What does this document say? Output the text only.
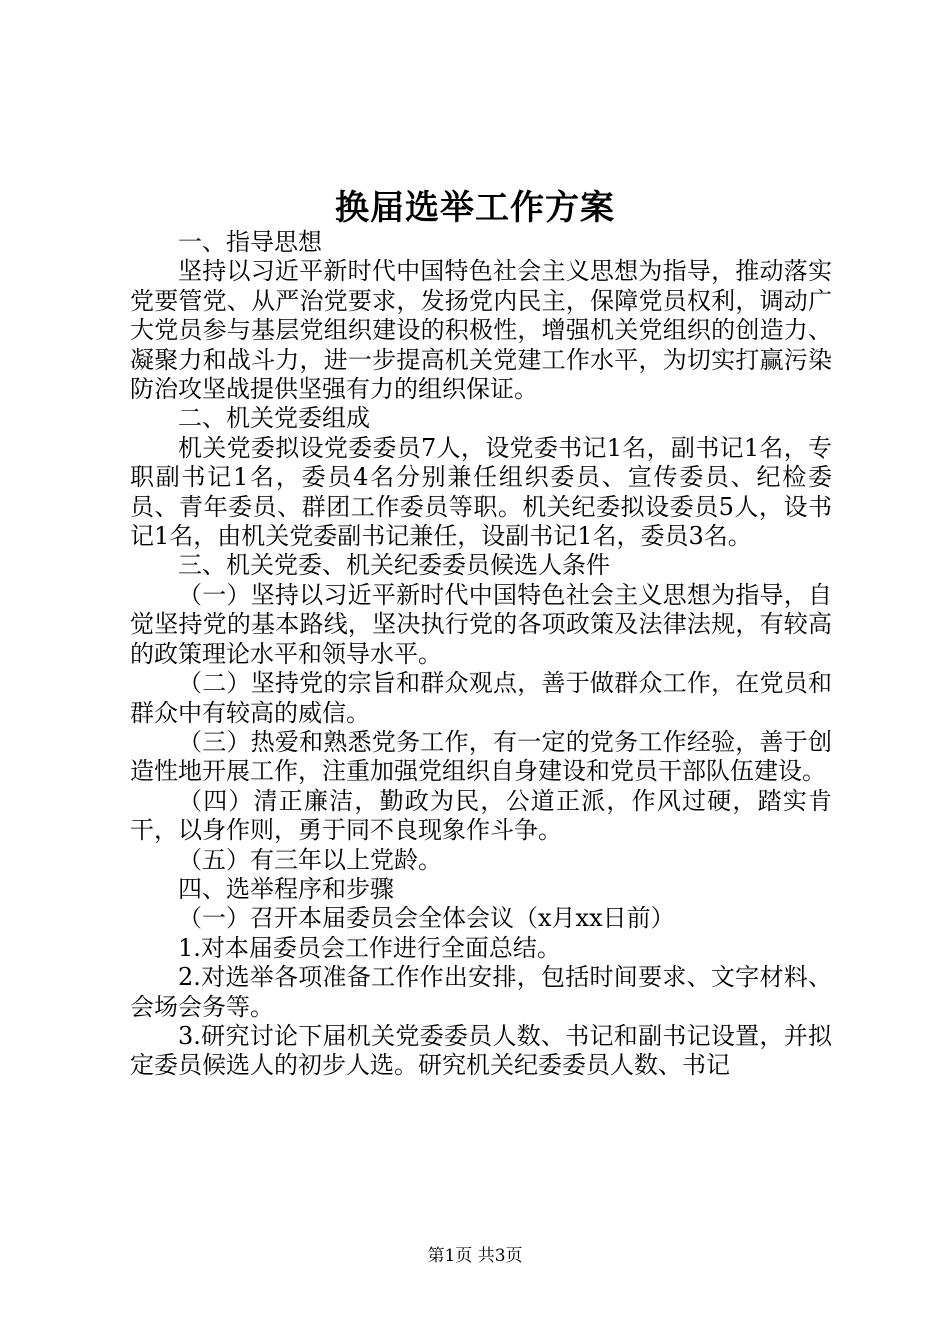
换届选举工作方案

一、指导思想

坚持以习近平新时代中国特色社会主义思想为指导，推动落实党要管党、从严治党要求，发扬党内民主，保障党员权利，调动广大党员参与基层党组织建设的积极性，增强机关党组织的创造力、凝聚力和战斗力，进一步提高机关党建工作水平，为切实打赢污染防治攻坚战提供坚强有力的组织保证。

二、机关党委组成

机关党委拟设党委委员7人，设党委书记1名，副书记1名，专职副书记1名，委员4名分别兼任组织委员、宣传委员、纪检委员、青年委员、群团工作委员等职。机关纪委拟设委员5人，设书记1名，由机关党委副书记兼任，设副书记1名，委员3名。

三、机关党委、机关纪委委员候选人条件

（一）坚持以习近平新时代中国特色社会主义思想为指导，自觉坚持党的基本路线，坚决执行党的各项政策及法律法规，有较高的政策理论水平和领导水平。

（二）坚持党的宗旨和群众观点，善于做群众工作，在党员和群众中有较高的威信。

（三）热爱和熟悉党务工作，有一定的党务工作经验，善于创造性地开展工作，注重加强党组织自身建设和党员干部队伍建设。

（四）清正廉洁，勤政为民，公道正派，作风过硬，踏实肯干，以身作则，勇于同不良现象作斗争。

（五）有三年以上党龄。

四、选举程序和步骤

（一）召开本届委员会全体会议（x月xx日前）

1.对本届委员会工作进行全面总结。

2.对选举各项准备工作作出安排，包括时间要求、文字材料、会场会务等。

3.研究讨论下届机关党委委员人数、书记和副书记设置，并拟定委员候选人的初步人选。研究机关纪委委员人数、书记

第1页 共3页
